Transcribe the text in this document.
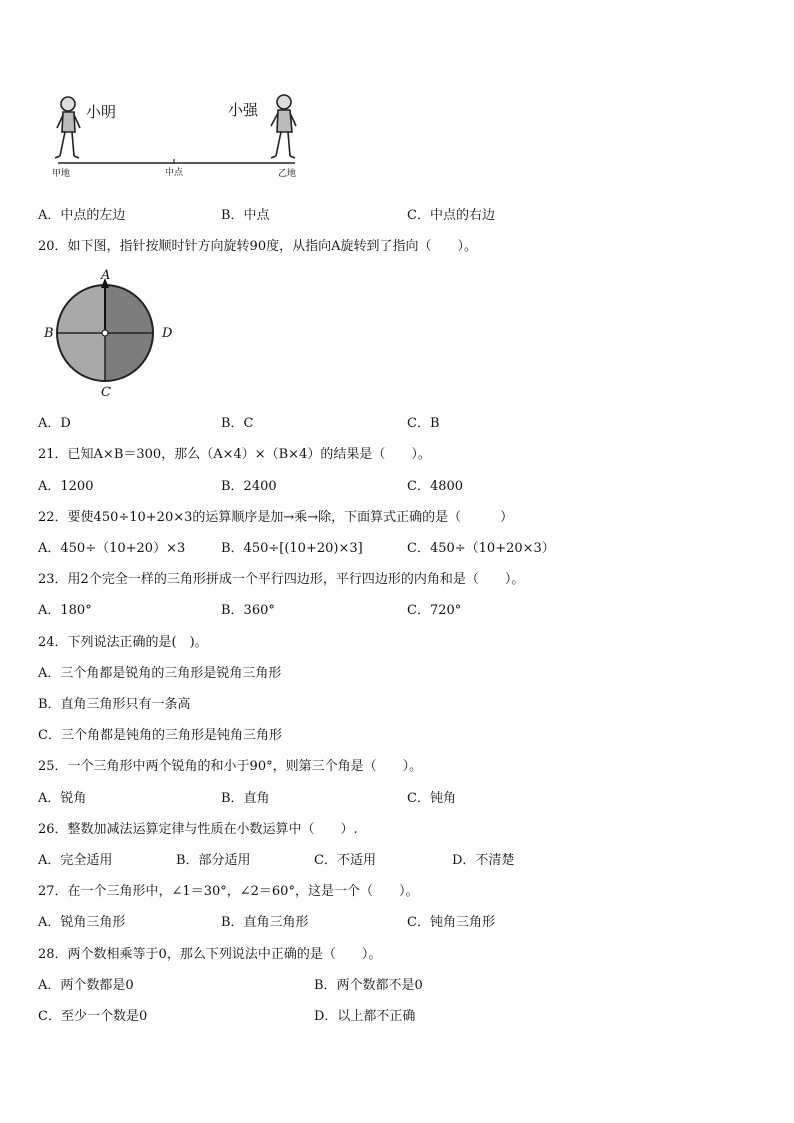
小明	小强
甲地	中点	乙地
A．中点的左边	B．中点	C．中点的右边
20．如下图，指针按顺时针方向旋转90度，从指向A旋转到了指向（　　）。
A
B	D
C
A．D	B．C	C．B
21．已知A×B＝300，那么（A×4）×（B×4）的结果是（　　）。
A．1200	B．2400	C．4800
22．要使450÷10+20×3的运算顺序是加→乘→除，下面算式正确的是（　　　）
A．450÷（10+20）×3	B．450÷[(10+20)×3]	C．450÷（10+20×3）
23．用2个完全一样的三角形拼成一个平行四边形，平行四边形的内角和是（　　）。
A．180°	B．360°	C．720°
24．下列说法正确的是(　)。
A．三个角都是锐角的三角形是锐角三角形
B．直角三角形只有一条高
C．三个角都是钝角的三角形是钝角三角形
25．一个三角形中两个锐角的和小于90°，则第三个角是（　　）。
A．锐角	B．直角	C．钝角
26．整数加减法运算定律与性质在小数运算中（　　）.
A．完全适用	B．部分适用	C．不适用	D．不清楚
27．在一个三角形中，∠1＝30°，∠2＝60°，这是一个（　　）。
A．锐角三角形	B．直角三角形	C．钝角三角形
28．两个数相乘等于0，那么下列说法中正确的是（　　）。
A．两个数都是0	B．两个数都不是0
C．至少一个数是0	D．以上都不正确
